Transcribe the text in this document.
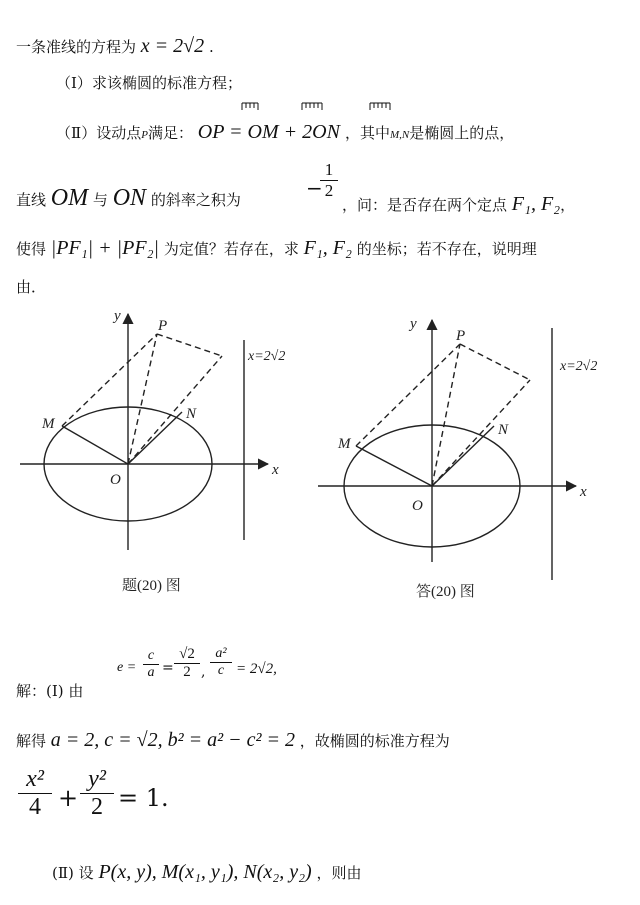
一条准线的方程为 x = 2√2 .
（Ⅰ）求该椭圆的标准方程；
（Ⅱ）设动点P满足： OP = OM + 2ON ，其中M,N是椭圆上的点，
直线 OM 与 ON 的斜率之积为	−
$\frac{1}{2}$
，问：是否存在两个定点 F₁, F₂，
使得 |PF₁| + |PF₂| 为定值？若存在，求 F₁, F₂ 的坐标；若不存在，说明理
由．
x
y
O
P
M
N
x=2√2
题(20) 图
x
y
O
P
M
N
x=2√2
答(20) 图
解：(Ⅰ) 由
$e = \frac{c}{a} = \frac{√2}{2}$ , $\frac{\text{a²}}{c} = 2√2$,
解得 a = 2, c = √2, b² = a² − c² = 2 ，故椭圆的标准方程为
$\frac{\text{x²}}{4} + \frac{\text{y²}}{2} = 1$.
(Ⅱ) 设 P(x, y), M(x₁, y₁), N(x₂, y₂) ，则由
